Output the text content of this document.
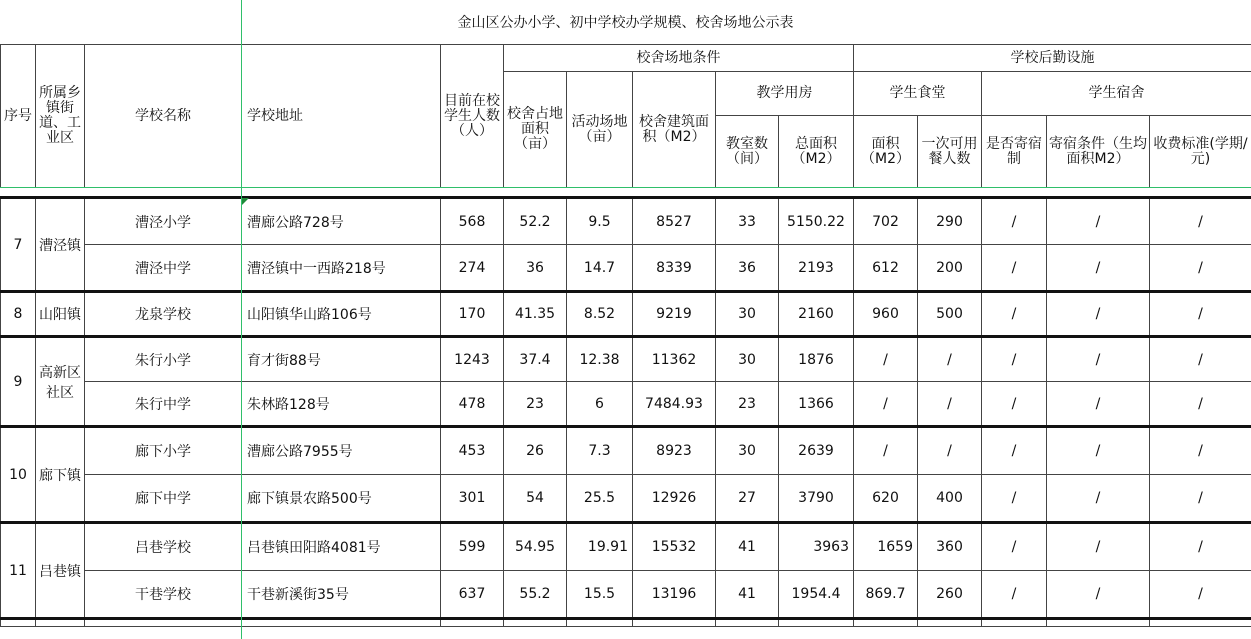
金山区公办小学、初中学校办学规模、校舍场地公示表
序号	所属乡镇街道、工业区	学校名称	学校地址	目前在校学生人数（人）	校舍场地条件					学校后勤设施				
					校舍占地面积（亩）	活动场地（亩）	校舍建筑面积（M2）	教学用房		学生食堂		学生宿舍		
								教室数（间）	总面积（M2）	面积（M2）	一次可用餐人数	是否寄宿制	寄宿条件（生均面积M2）	收费标准(学期/元)

7	漕泾镇	漕泾小学	漕廊公路728号	568	52.2	9.5	8527	33	5150.22	702	290	/	/	/
		漕泾中学	漕泾镇中一西路218号	274	36	14.7	8339	36	2193	612	200	/	/	/
8	山阳镇	龙泉学校	山阳镇华山路106号	170	41.35	8.52	9219	30	2160	960	500	/	/	/
9	高新区社区	朱行小学	育才街88号	1243	37.4	12.38	11362	30	1876	/	/	/	/	/
		朱行中学	朱林路128号	478	23	6	7484.93	23	1366	/	/	/	/	/
10	廊下镇	廊下小学	漕廊公路7955号	453	26	7.3	8923	30	2639	/	/	/	/	/
		廊下中学	廊下镇景农路500号	301	54	25.5	12926	27	3790	620	400	/	/	/
11	吕巷镇	吕巷学校	吕巷镇田阳路4081号	599	54.95	19.91	15532	41	3963	1659	360	/	/	/
		干巷学校	干巷新溪街35号	637	55.2	15.5	13196	41	1954.4	869.7	260	/	/	/
